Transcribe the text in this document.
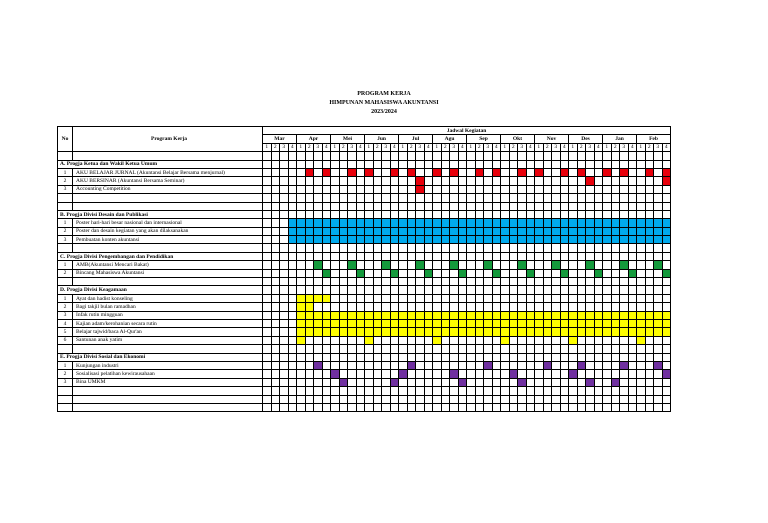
PROGRAM KERJA
HIMPUNAN MAHASISWA AKUNTANSI
2023/2024
No	Program Kerja	Jadwal Kegiatan																																															
		Mar				Apr				Mei				Jun				Jul				Agu				Sep				Okt				Nov				Des				Jan				Feb			
		1	2	3	4	1	2	3	4	1	2	3	4	1	2	3	4	1	2	3	4	1	2	3	4	1	2	3	4	1	2	3	4	1	2	3	4	1	2	3	4	1	2	3	4	1	2	3	4

A. Progja Ketua dan Wakil Ketua Umum																																																	
1	AKU BELAJAR JURNAL (Akuntansi Belajar Bersama menjurnal)																																																
2	AKU BERSINAR (Akuntansi Bersama Seminar)																																																
3	Accounting Competition																																																

B. Progja Divisi Desain dan Publikasi																																																	
1	Poster hari-hari besar nasional dan internasional																																																
2	Poster dan desain kegiatan yang akan dilaksanakan																																																
3	Pembuatan konten akuntansi																																																

C. Progja Divisi Pengembangan dan Pendidikan																																																	
1	AMB(Akuntansi Mencari Bakat)																																																
2	Bincang Mahasiswa Akuntansi																																																

D. Progja Divisi Keagamaan																																																	
1	Ayat dan hadist konseling																																																
2	Bagi takjil bulan ramadhan																																																
3	Infak rutin mingguan																																																
4	Kajian adam/kerohanian secara rutin																																																
5	Belajar tajwid/baca Al-Qur'an																																																
6	Santunan anak yatim																																																

E. Progja Divisi Sosial dan Ekonomi																																																	
1	Kunjungan industri																																																
2	Sosialisasi pelatihan kewirausahaan																																																
3	Bina UMKM																																																
